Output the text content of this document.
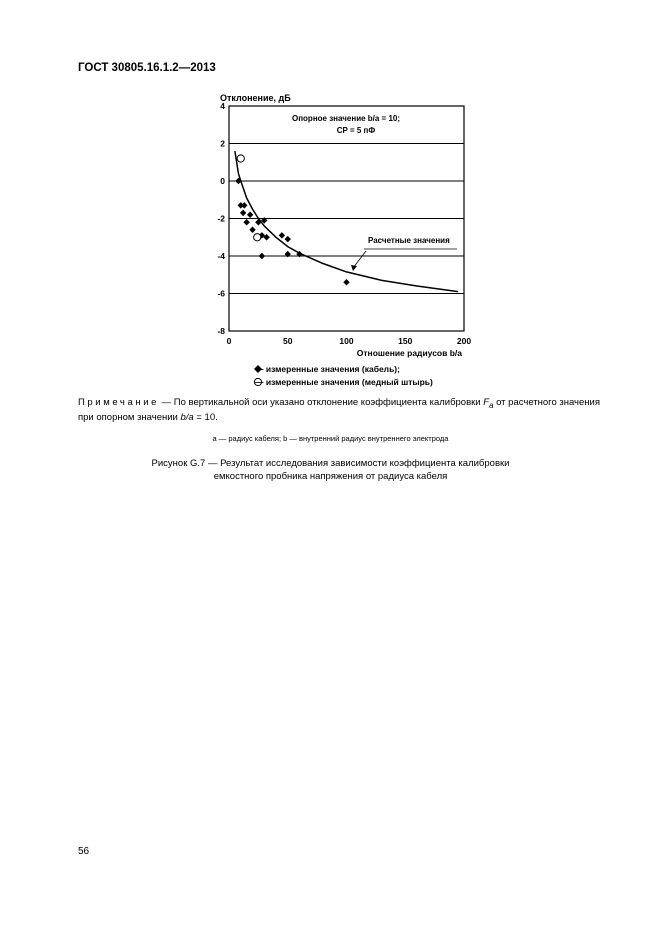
ГОСТ 30805.16.1.2—2013
4
2
0
-2
-4
-6
-8
0	50	100	150	200
Отклонение, дБ
Отношение радиусов b/a
Опорное значение b/a = 10;
CP = 5 пФ
Расчетные значения
— измеренные значения (кабель);
— измеренные значения (медный штырь)
Примечание — По вертикальной оси указано отклонение коэффициента калибровки $F_a$ от расчетного значения при опорном значении b/a = 10.
a — радиус кабеля; b — внутренний радиус внутреннего электрода
Рисунок G.7 — Результат исследования зависимости коэффициента калибровки
емкостного пробника напряжения от радиуса кабеля
56
